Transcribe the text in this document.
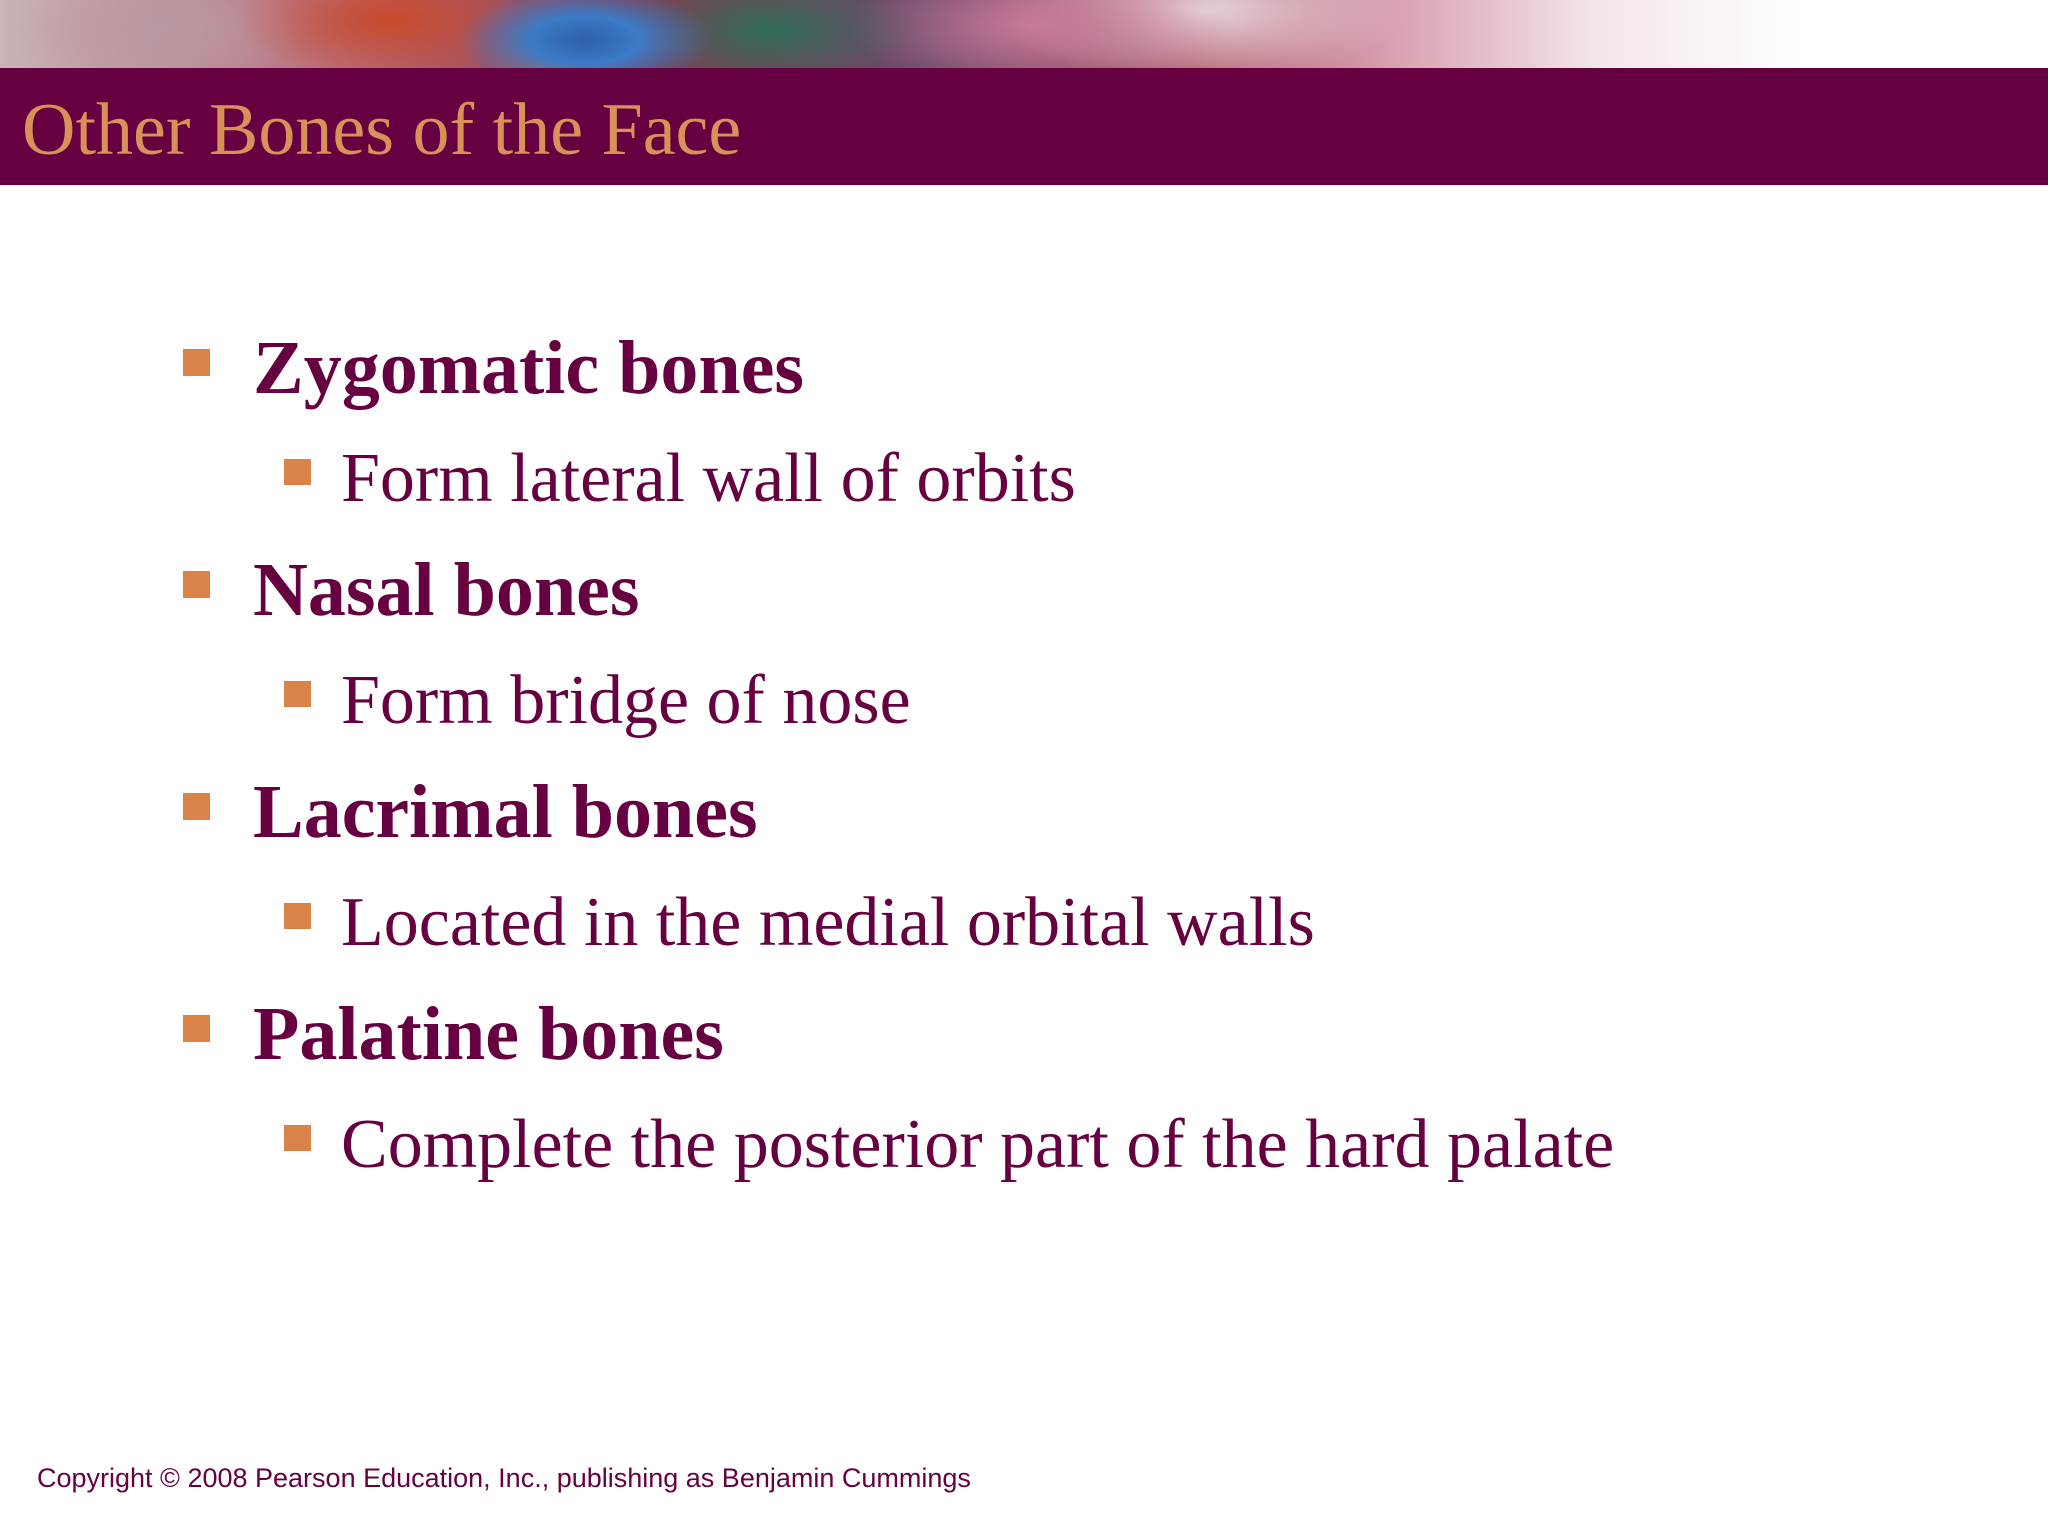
Other Bones of the Face
Zygomatic bones
Form lateral wall of orbits
Nasal bones
Form bridge of nose
Lacrimal bones
Located in the medial orbital walls
Palatine bones
Complete the posterior part of the hard palate
Copyright © 2008 Pearson Education, Inc., publishing as Benjamin Cummings
